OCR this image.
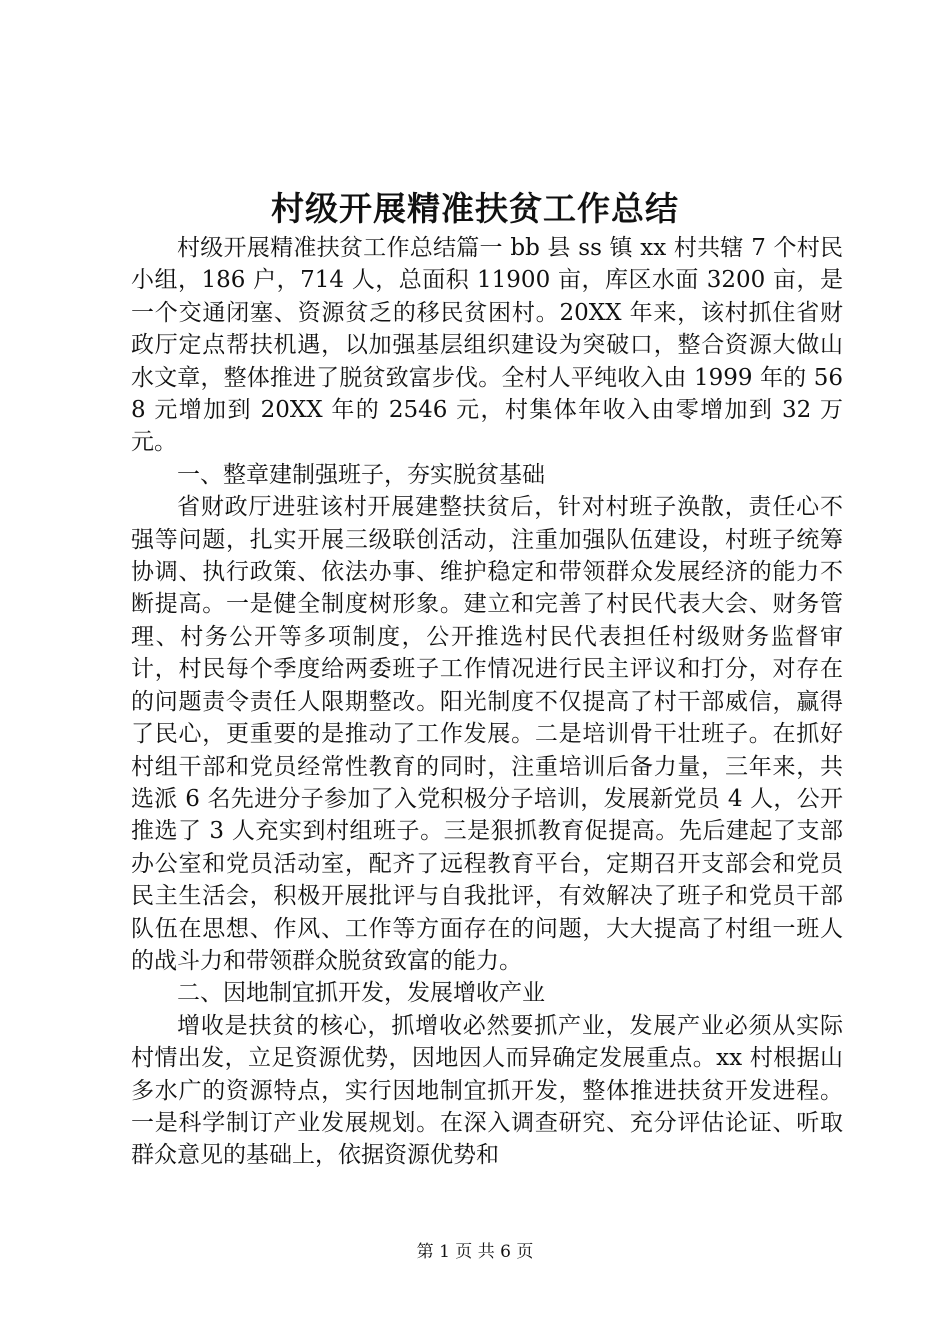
村级开展精准扶贫工作总结

村级开展精准扶贫工作总结篇一 bb 县 ss 镇 xx 村共辖 7 个村民小组，186 户，714 人，总面积 11900 亩，库区水面 3200 亩，是一个交通闭塞、资源贫乏的移民贫困村。20XX 年来，该村抓住省财政厅定点帮扶机遇，以加强基层组织建设为突破口，整合资源大做山水文章，整体推进了脱贫致富步伐。全村人平纯收入由 1999 年的 568 元增加到 20XX 年的 2546 元，村集体年收入由零增加到 32 万元。

一、整章建制强班子，夯实脱贫基础

省财政厅进驻该村开展建整扶贫后，针对村班子涣散，责任心不强等问题，扎实开展三级联创活动，注重加强队伍建设，村班子统筹协调、执行政策、依法办事、维护稳定和带领群众发展经济的能力不断提高。一是健全制度树形象。建立和完善了村民代表大会、财务管理、村务公开等多项制度，公开推选村民代表担任村级财务监督审计，村民每个季度给两委班子工作情况进行民主评议和打分，对存在的问题责令责任人限期整改。阳光制度不仅提高了村干部威信，赢得了民心，更重要的是推动了工作发展。二是培训骨干壮班子。在抓好村组干部和党员经常性教育的同时，注重培训后备力量，三年来，共选派 6 名先进分子参加了入党积极分子培训，发展新党员 4 人，公开推选了 3 人充实到村组班子。三是狠抓教育促提高。先后建起了支部办公室和党员活动室，配齐了远程教育平台，定期召开支部会和党员民主生活会，积极开展批评与自我批评，有效解决了班子和党员干部队伍在思想、作风、工作等方面存在的问题，大大提高了村组一班人的战斗力和带领群众脱贫致富的能力。

二、因地制宜抓开发，发展增收产业

增收是扶贫的核心，抓增收必然要抓产业，发展产业必须从实际村情出发，立足资源优势，因地因人而异确定发展重点。xx 村根据山多水广的资源特点，实行因地制宜抓开发，整体推进扶贫开发进程。一是科学制订产业发展规划。在深入调查研究、充分评估论证、听取群众意见的基础上，依据资源优势和

第 1 页 共 6 页
